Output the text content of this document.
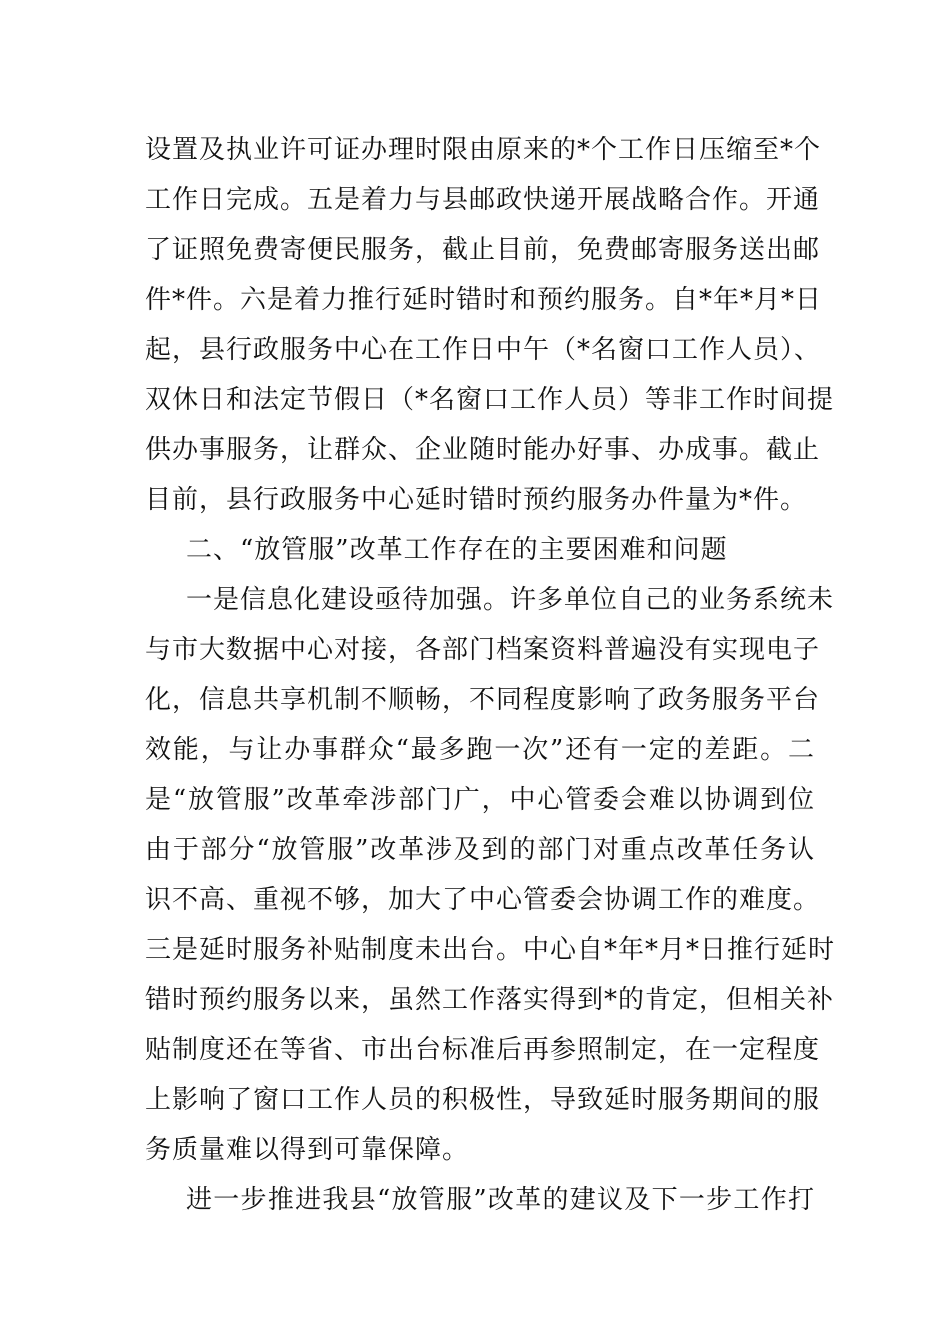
设置及执业许可证办理时限由原来的*个工作日压缩至*个
工作日完成。五是着力与县邮政快递开展战略合作。开通
了证照免费寄便民服务，截止目前，免费邮寄服务送出邮
件*件。六是着力推行延时错时和预约服务。自*年*月*日
起，县行政服务中心在工作日中午（*名窗口工作人员）、
双休日和法定节假日（*名窗口工作人员）等非工作时间提
供办事服务，让群众、企业随时能办好事、办成事。截止
目前，县行政服务中心延时错时预约服务办件量为*件。
二、“放管服”改革工作存在的主要困难和问题
一是信息化建设亟待加强。许多单位自己的业务系统未
与市大数据中心对接，各部门档案资料普遍没有实现电子
化，信息共享机制不顺畅，不同程度影响了政务服务平台
效能，与让办事群众“最多跑一次”还有一定的差距。二
是“放管服”改革牵涉部门广，中心管委会难以协调到位
由于部分“放管服”改革涉及到的部门对重点改革任务认
识不高、重视不够，加大了中心管委会协调工作的难度。
三是延时服务补贴制度未出台。中心自*年*月*日推行延时
错时预约服务以来，虽然工作落实得到*的肯定，但相关补
贴制度还在等省、市出台标准后再参照制定，在一定程度
上影响了窗口工作人员的积极性，导致延时服务期间的服
务质量难以得到可靠保障。
进一步推进我县“放管服”改革的建议及下一步工作打
